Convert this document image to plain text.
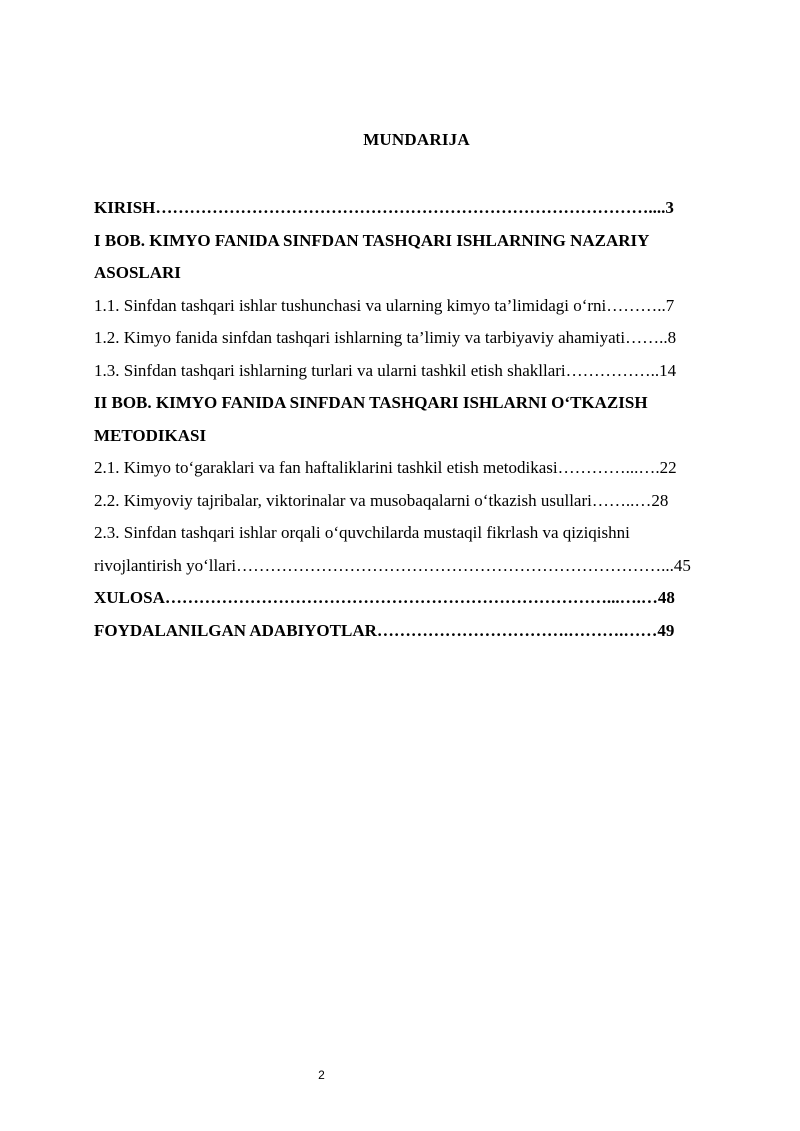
MUNDARIJA
KIRISH……………………………………………………………………………....3
I BOB. KIMYO FANIDA SINFDAN TASHQARI ISHLARNING NAZARIY
ASOSLARI
1.1. Sinfdan tashqari ishlar tushunchasi va ularning kimyo ta’limidagi o‘rni………..7
1.2. Kimyo fanida sinfdan tashqari ishlarning ta’limiy va tarbiyaviy ahamiyati……..8
1.3. Sinfdan tashqari ishlarning turlari va ularni tashkil etish shakllari……………..14
II BOB. KIMYO FANIDA SINFDAN TASHQARI ISHLARNI O‘TKAZISH
METODIKASI
2.1. Kimyo to‘garaklari va fan haftaliklarini tashkil etish metodikasi…………...….22
2.2. Kimyoviy tajribalar, viktorinalar va musobaqalarni o‘tkazish usullari……..…28
2.3. Sinfdan tashqari ishlar orqali o‘quvchilarda mustaqil fikrlash va qiziqishni
rivojlantirish yo‘llari…………………………………………………………………...45
XULOSA……………………………………………………………………...….…48
FOYDALANILGAN ADABIYOTLAR…………………………….……….……49
2
